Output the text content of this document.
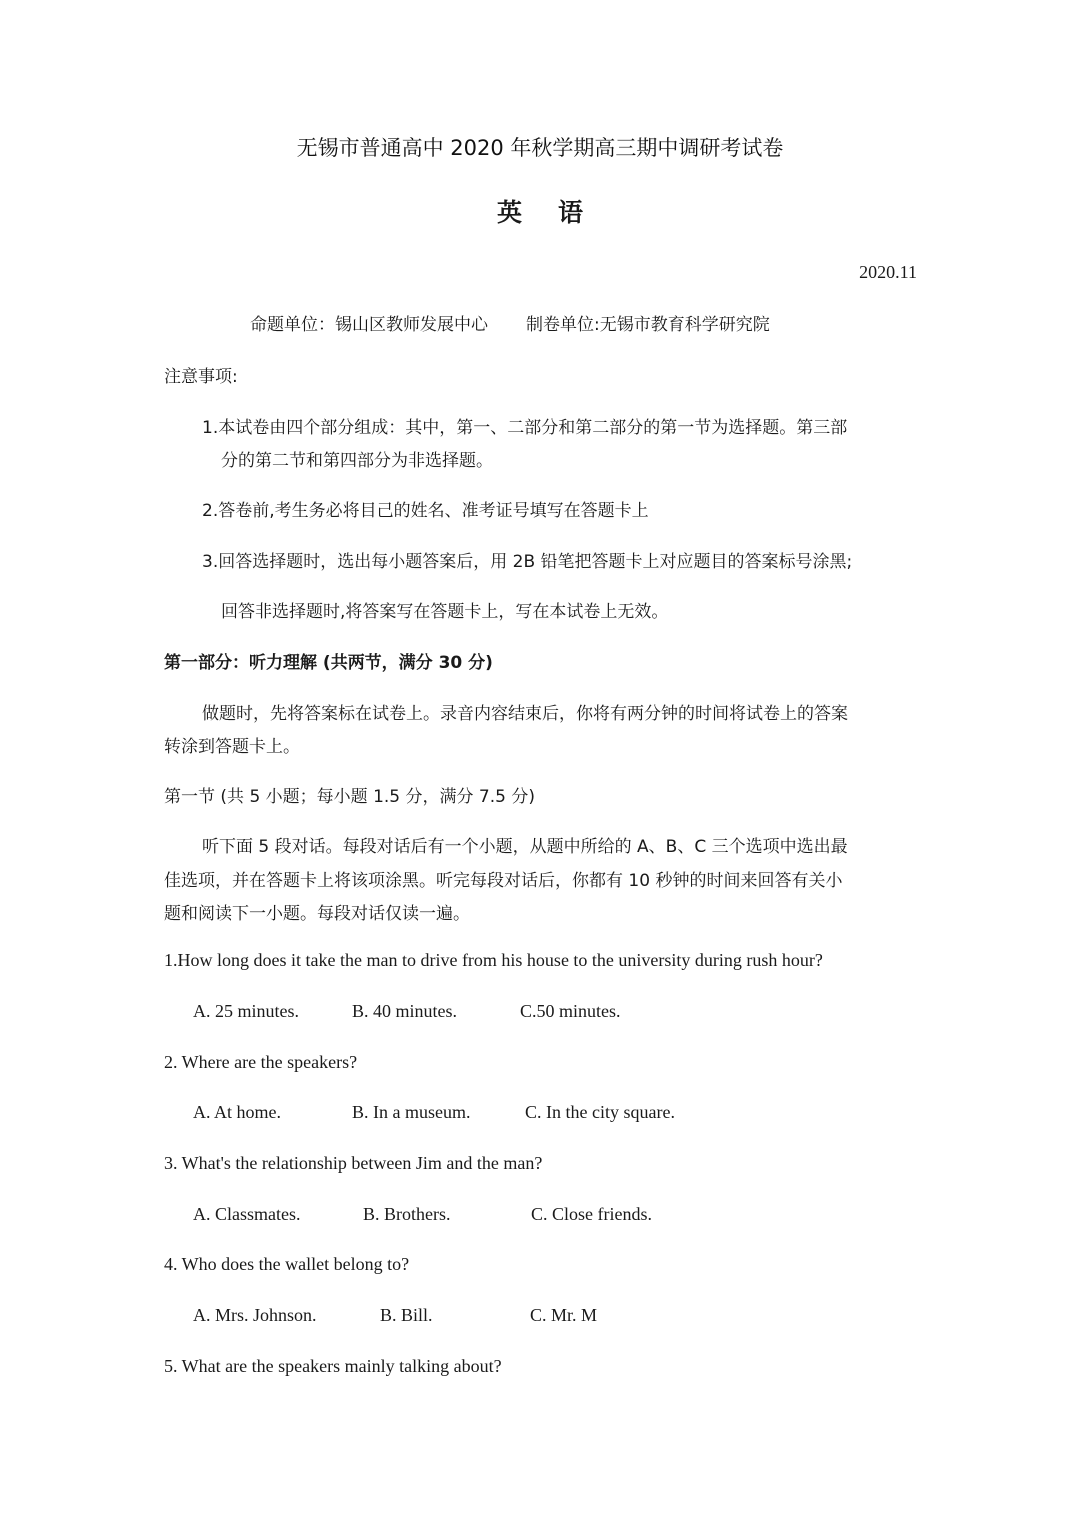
无锡市普通高中 2020 年秋学期高三期中调研考试卷
英语
2020.11
命题单位：锡山区教师发展中心 制卷单位:无锡市教育科学研究院
注意事项:
1.本试卷由四个部分组成：其中，第一、二部分和第二部分的第一节为选择题。第三部
分的第二节和第四部分为非选择题。
2.答卷前,考生务必将目己的姓名、准考证号填写在答题卡上
3.回答选择题时，选出每小题答案后，用 2B 铅笔把答题卡上对应题目的答案标号涂黑;
回答非选择题时,将答案写在答题卡上，写在本试卷上无效。
第一部分：听力理解 (共两节，满分 30 分)
做题时，先将答案标在试卷上。录音内容结束后，你将有两分钟的时间将试卷上的答案
转涂到答题卡上。
第一节 (共 5 小题；每小题 1.5 分，满分 7.5 分)
听下面 5 段对话。每段对话后有一个小题，从题中所给的 A、B、C 三个选项中选出最
佳选项，并在答题卡上将该项涂黑。听完每段对话后，你都有 10 秒钟的时间来回答有关小
题和阅读下一小题。每段对话仅读一遍。
1.How long does it take the man to drive from his house to the university during rush hour?
A. 25 minutes.	B. 40 minutes.	C.50 minutes.
2. Where are the speakers?
A. At home.	B. In a museum.	C. In the city square.
3. What's the relationship between Jim and the man?
A. Classmates.	B. Brothers.	C. Close friends.
4. Who does the wallet belong to?
A. Mrs. Johnson.	B. Bill.	C. Mr. M
5. What are the speakers mainly talking about?
